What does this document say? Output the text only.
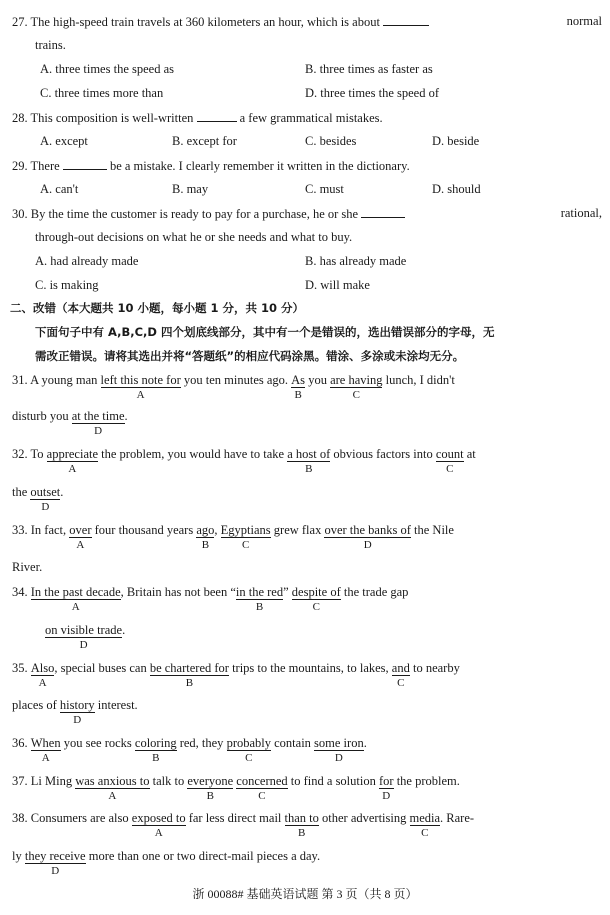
27. The high-speed train travels at 360 kilometers an hour, which is about	normal
trains.
A. three times the speed as	B. three times as faster as
C. three times more than	D. three times the speed of
28. This composition is well-written	a few grammatical mistakes.
A. except	B. except for	C. besides	D. beside
29. There	be a mistake. I clearly remember it written in the dictionary.
A. can't	B. may	C. must	D. should
30. By the time the customer is ready to pay for a purchase, he or she	rational,
through-out decisions on what he or she needs and what to buy.
A. had already made	B. has already made
C. is making	D. will make
二、改错（本大题共 10 小题，每小题 1 分，共 10 分）
下面句子中有 A,B,C,D 四个划底线部分，其中有一个是错误的，选出错误部分的字母，无
需改正错误。请将其选出并将“答题纸”的相应代码涂黑。错涂、多涂或未涂均无分。
31. A young man left this note for
A
you ten minutes ago. As
B
you are having
C
lunch, I didn't
disturb you at the time
D
.
32. To appreciate
A
the problem, you would have to take a host of
B
obvious factors into count
C
at
the outset
D
.
33. In fact, over
A
four thousand years ago
B
, Egyptians
C
grew flax over the banks of
D
the Nile
River.
34. In the past decade
A
, Britain has not been “in the red
B
” despite of
C
the trade gap
on visible trade
D
.
35. Also
A
, special buses can be chartered for
B
trips to the mountains, to lakes, and
C
to nearby
places of history
D
interest.
36. When
A
you see rocks coloring
B
red, they probably
C
contain some iron
D
.
37. Li Ming was anxious to
A
talk to everyone
B
concerned
C
to find a solution for
D
the problem.
38. Consumers are also exposed to
A
far less direct mail than to
B
other advertising media
C
. Rare-
ly they receive
D
more than one or two direct-mail pieces a day.
浙 00088# 基础英语试题 第 3 页（共 8 页）
